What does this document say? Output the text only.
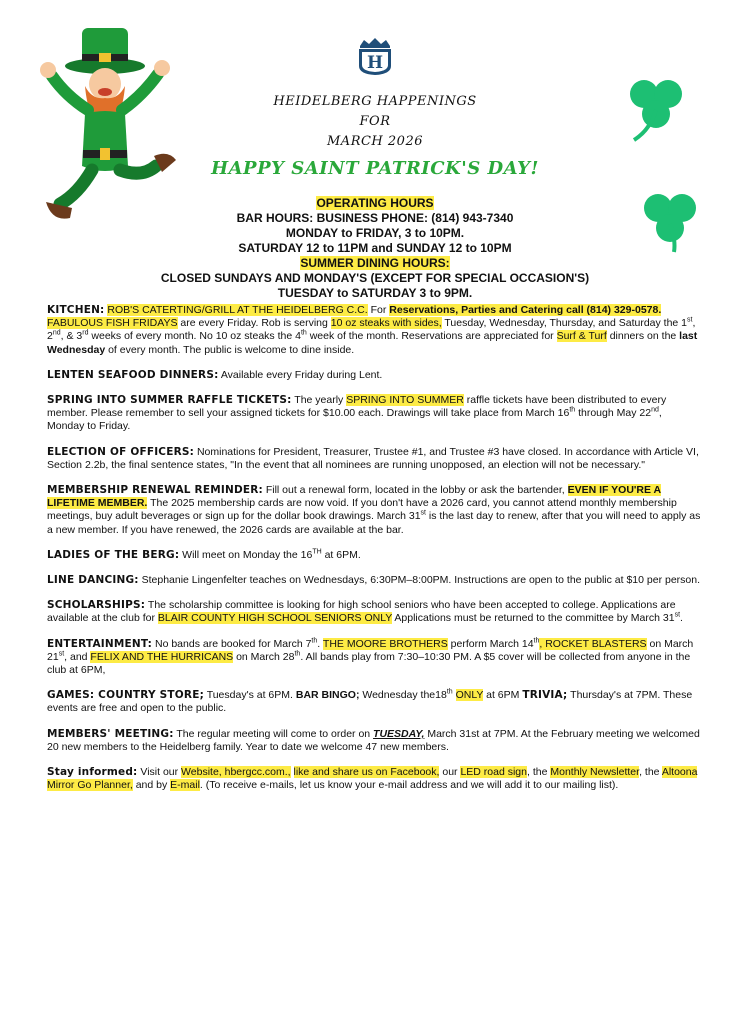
H
HEIDELBERG HAPPENINGS
FOR
MARCH 2026
HAPPY SAINT PATRICK'S DAY!
OPERATING HOURS
BAR HOURS: BUSINESS PHONE: (814) 943-7340
MONDAY to FRIDAY, 3 to 10PM.
SATURDAY 12 to 11PM and SUNDAY 12 to 10PM
SUMMER DINING HOURS:
CLOSED SUNDAYS AND MONDAY'S (EXCEPT FOR SPECIAL OCCASION'S)
TUESDAY to SATURDAY 3 to 9PM.

KITCHEN: ROB'S CATERTING/GRILL AT THE HEIDELBERG C.C. For Reservations, Parties and Catering call (814) 329-0578. FABULOUS FISH FRIDAYS are every Friday. Rob is serving 10 oz steaks with sides, Tuesday, Wednesday, Thursday, and Saturday the 1st, 2nd, & 3rd weeks of every month. No 10 oz steaks the 4th week of the month. Reservations are appreciated for Surf & Turf dinners on the last Wednesday of every month. The public is welcome to dine inside.

LENTEN SEAFOOD DINNERS: Available every Friday during Lent.

SPRING INTO SUMMER RAFFLE TICKETS: The yearly SPRING INTO SUMMER raffle tickets have been distributed to every member. Please remember to sell your assigned tickets for $10.00 each. Drawings will take place from March 16th through May 22nd, Monday to Friday.

ELECTION OF OFFICERS: Nominations for President, Treasurer, Trustee #1, and Trustee #3 have closed. In accordance with Article VI, Section 2.2b, the final sentence states, "In the event that all nominees are running unopposed, an election will not be necessary."

MEMBERSHIP RENEWAL REMINDER: Fill out a renewal form, located in the lobby or ask the bartender, EVEN IF YOU'RE A LIFETIME MEMBER. The 2025 membership cards are now void. If you don't have a 2026 card, you cannot attend monthly membership meetings, buy adult beverages or sign up for the dollar book drawings. March 31st is the last day to renew, after that you will need to apply as a new member. If you have renewed, the 2026 cards are available at the bar.

LADIES OF THE BERG: Will meet on Monday the 16TH at 6PM.

LINE DANCING: Stephanie Lingenfelter teaches on Wednesdays, 6:30PM–8:00PM. Instructions are open to the public at $10 per person.

SCHOLARSHIPS: The scholarship committee is looking for high school seniors who have been accepted to college. Applications are available at the club for BLAIR COUNTY HIGH SCHOOL SENIORS ONLY Applications must be returned to the committee by March 31st.

ENTERTAINMENT: No bands are booked for March 7th. THE MOORE BROTHERS perform March 14th, ROCKET BLASTERS on March 21st, and FELIX AND THE HURRICANS on March 28th. All bands play from 7:30–10:30 PM. A $5 cover will be collected from anyone in the club at 6PM,

GAMES: COUNTRY STORE; Tuesday's at 6PM. BAR BINGO; Wednesday the18th ONLY at 6PM TRIVIA; Thursday's at 7PM. These events are free and open to the public.

MEMBERS' MEETING: The regular meeting will come to order on TUESDAY, March 31st at 7PM. At the February meeting we welcomed 20 new members to the Heidelberg family. Year to date we welcome 47 new members.

Stay informed: Visit our Website, hbergcc.com., like and share us on Facebook, our LED road sign, the Monthly Newsletter, the Altoona Mirror Go Planner, and by E-mail. (To receive e-mails, let us know your e-mail address and we will add it to our mailing list).
